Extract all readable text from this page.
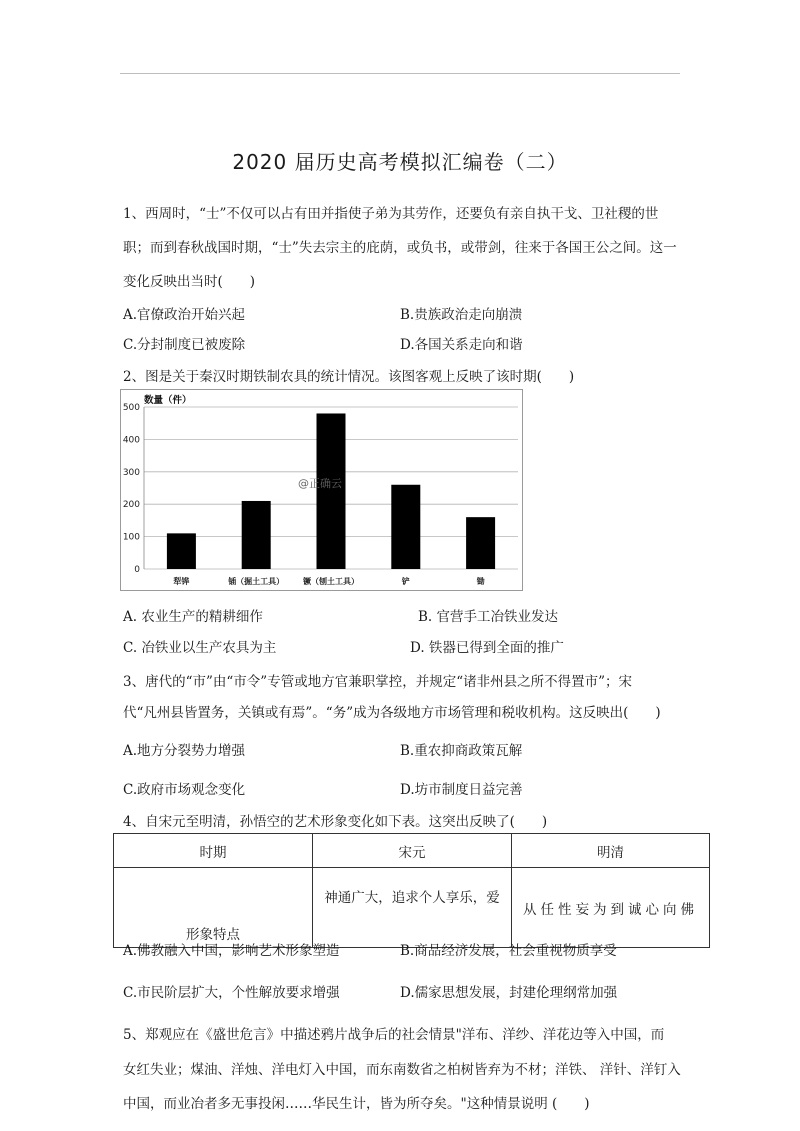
2020 届历史高考模拟汇编卷（二）
1、西周时，“士”不仅可以占有田并指使子弟为其劳作，还要负有亲自执干戈、卫社稷的世
职；而到春秋战国时期，“士”失去宗主的庇荫，或负书，或带剑，往来于各国王公之间。这一
变化反映出当时(　　)
A.官僚政治开始兴起	B.贵族政治走向崩溃
C.分封制度已被废除	D.各国关系走向和谐
2、图是关于秦汉时期铁制农具的统计情况。该图客观上反映了该时期(　　)
0
100
200
300
400
500
犁铧	锸（掘土工具） 镢（刨土工具）	铲	锄
数量（件）
@正确云
A. 农业生产的精耕细作	B. 官营手工冶铁业发达
C. 冶铁业以生产农具为主	D. 铁器已得到全面的推广
3、唐代的“市”由“市令”专管或地方官兼职掌控，并规定“诸非州县之所不得置市”；宋
代“凡州县皆置务，关镇或有焉”。“务”成为各级地方市场管理和税收机构。这反映出(　　)
A.地方分裂势力增强	B.重农抑商政策瓦解
C.政府市场观念变化	D.坊市制度日益完善
4、自宋元至明清，孙悟空的艺术形象变化如下表。这突出反映了(　　)
时期	宋元	明清
形象特点	神通广大，追求个人享乐，爱	从任性妄为到诚心向佛
A.佛教融入中国，影响艺术形象塑造	B.商品经济发展，社会重视物质享受
C.市民阶层扩大，个性解放要求增强	D.儒家思想发展，封建伦理纲常加强
5、郑观应在《盛世危言》中描述鸦片战争后的社会情景"洋布、洋纱、洋花边等入中国，而
女红失业；煤油、洋烛、洋电灯入中国，而东南数省之柏树皆弃为不材；洋铁、 洋针、洋钉入
中国，而业冶者多无事投闲……华民生计，皆为所夺矣。"这种情景说明 (　　)
